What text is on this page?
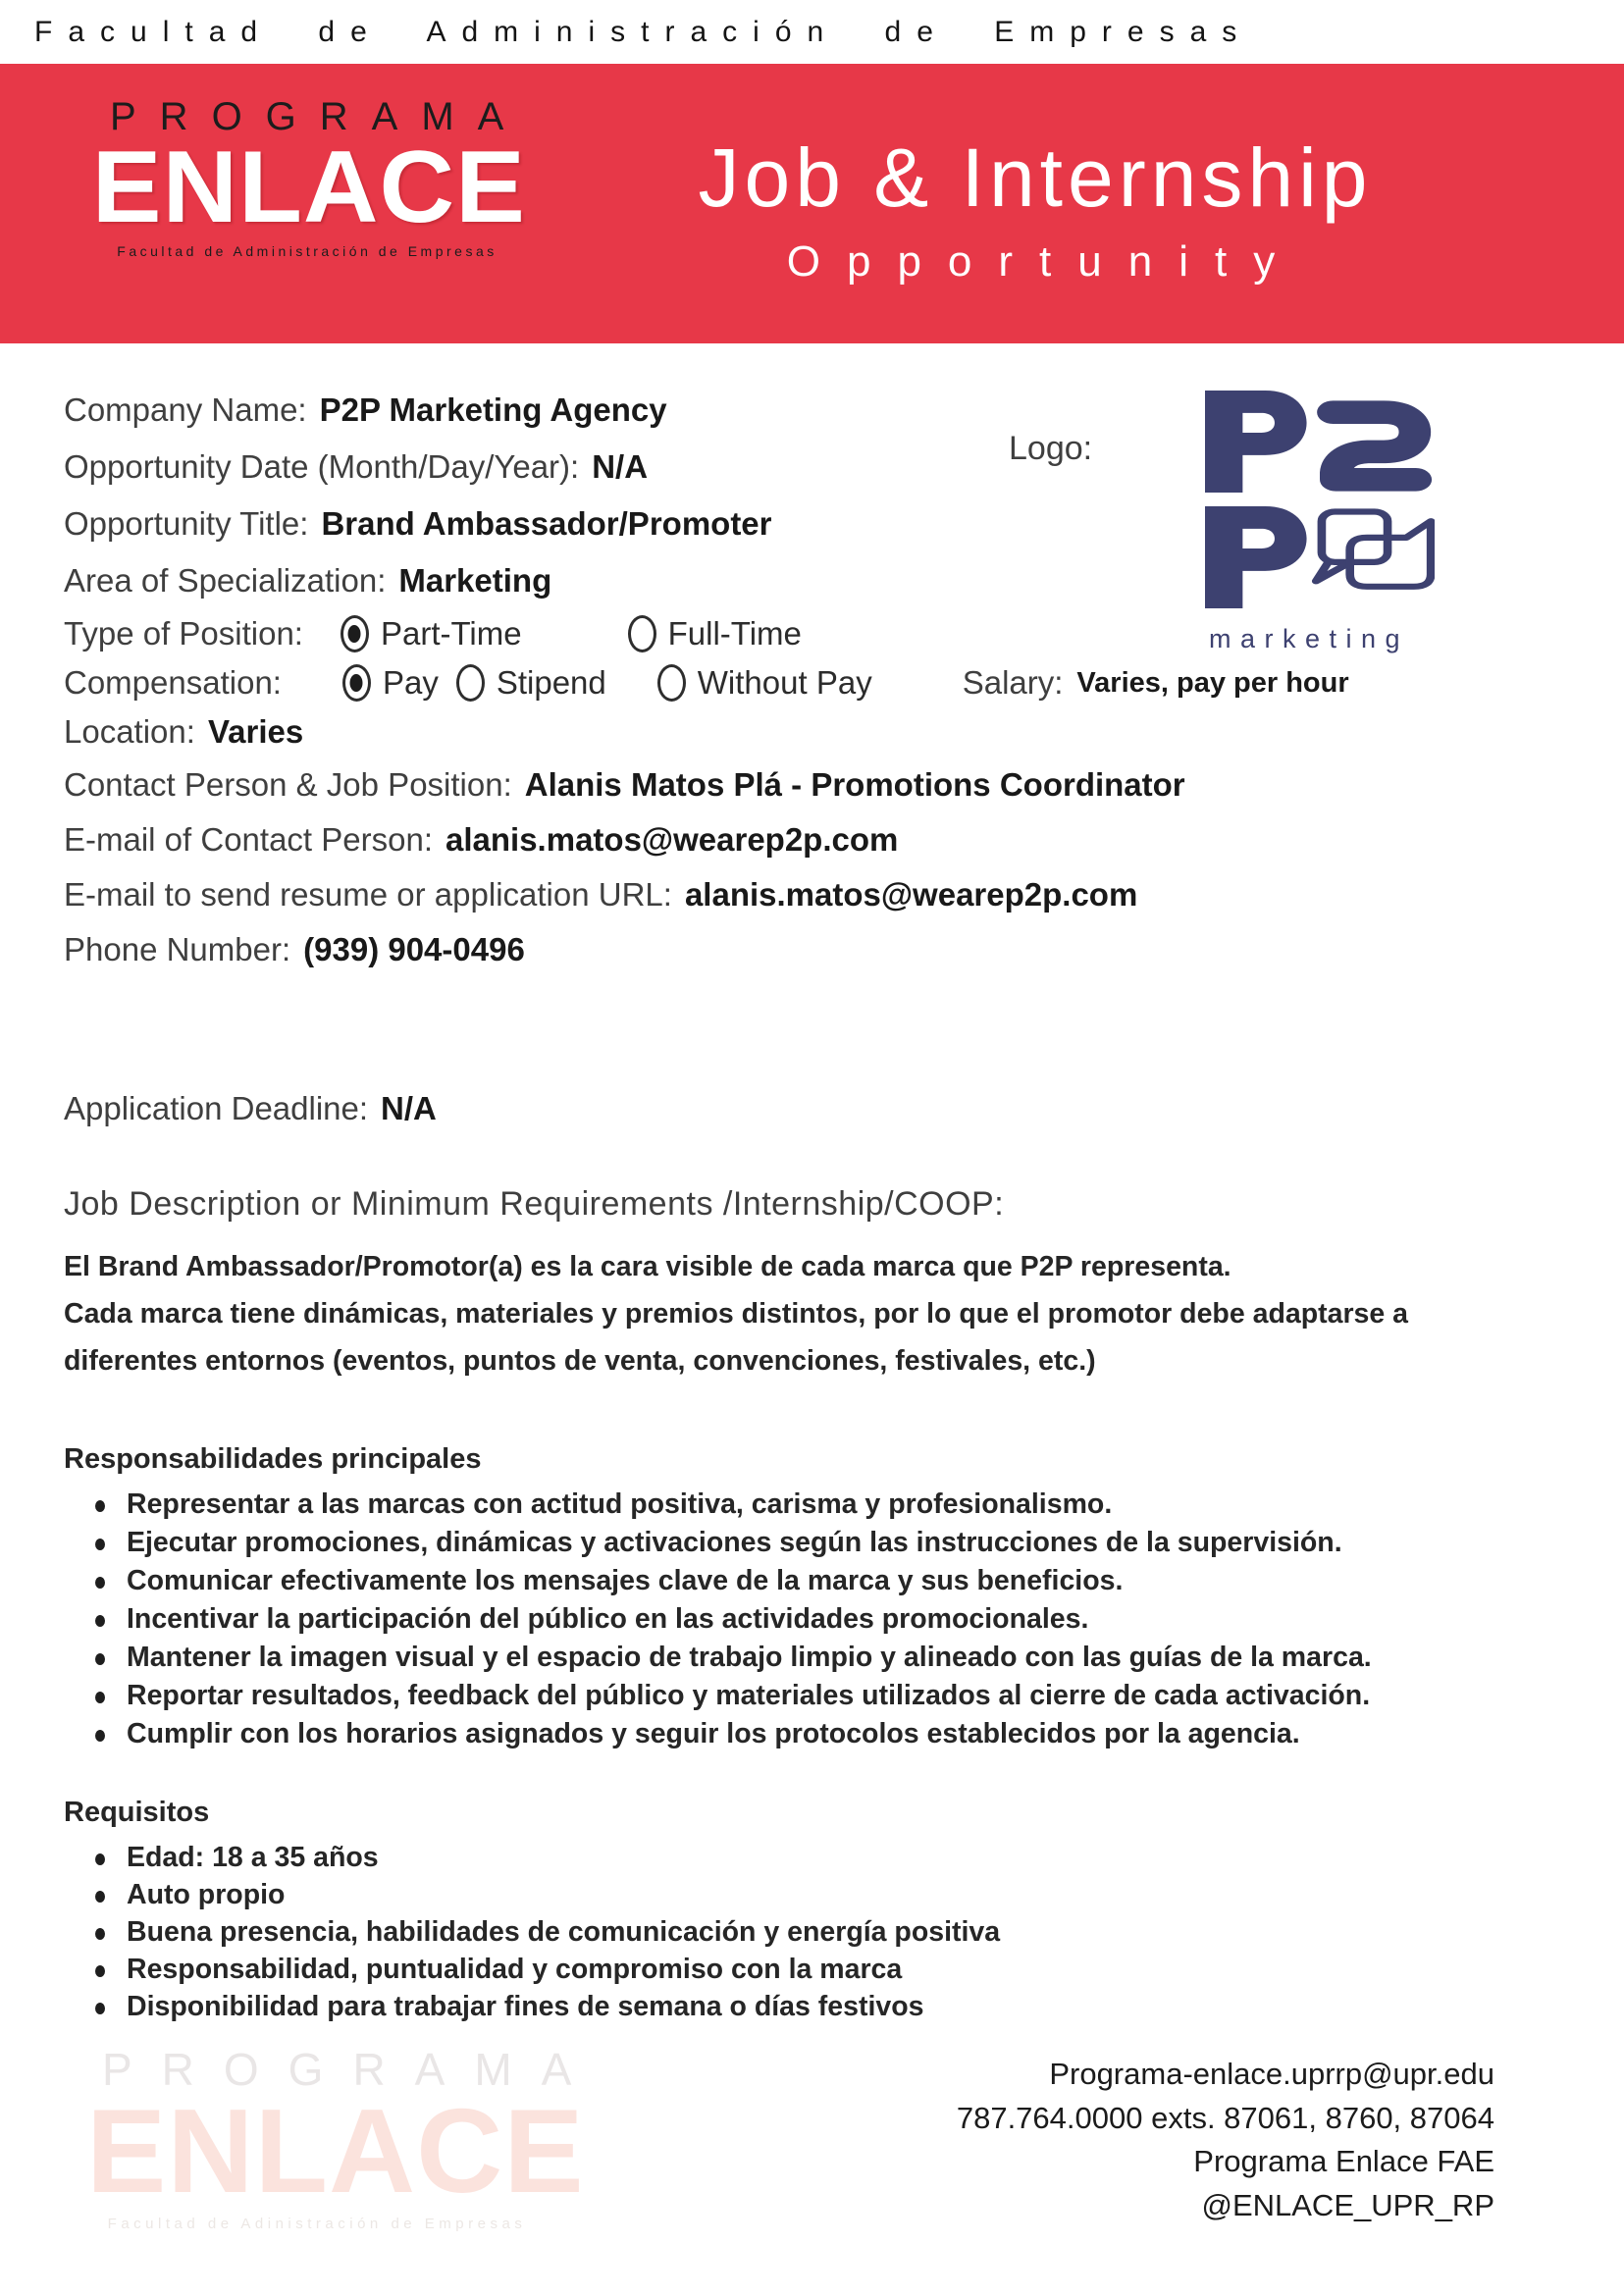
Facultad de Administración de Empresas
PROGRAMA
ENLACE
Facultad de Administración de Empresas
Job & Internship
Opportunity
Logo:
marketing
Company Name: P2P Marketing Agency
Opportunity Date (Month/Day/Year): N/A
Opportunity Title: Brand Ambassador/Promoter
Area of Specialization: Marketing
Type of Position: Part-Time	Full-Time
Compensation:	Pay Stipend	Without Pay	Salary: Varies, pay per hour
Location: Varies
Contact Person & Job Position: Alanis Matos Plá - Promotions Coordinator
E-mail of Contact Person: alanis.matos@wearep2p.com
E-mail to send resume or application URL: alanis.matos@wearep2p.com
Phone Number: (939) 904-0496
Application Deadline: N/A
Job Description or Minimum Requirements /Internship/COOP:
El Brand Ambassador/Promotor(a) es la cara visible de cada marca que P2P representa.
Cada marca tiene dinámicas, materiales y premios distintos, por lo que el promotor debe adaptarse a
diferentes entornos (eventos, puntos de venta, convenciones, festivales, etc.)
Responsabilidades principales
Representar a las marcas con actitud positiva, carisma y profesionalismo.
Ejecutar promociones, dinámicas y activaciones según las instrucciones de la supervisión.
Comunicar efectivamente los mensajes clave de la marca y sus beneficios.
Incentivar la participación del público en las actividades promocionales.
Mantener la imagen visual y el espacio de trabajo limpio y alineado con las guías de la marca.
Reportar resultados, feedback del público y materiales utilizados al cierre de cada activación.
Cumplir con los horarios asignados y seguir los protocolos establecidos por la agencia.
Requisitos
Edad: 18 a 35 años
Auto propio
Buena presencia, habilidades de comunicación y energía positiva
Responsabilidad, puntualidad y compromiso con la marca
Disponibilidad para trabajar fines de semana o días festivos
PROGRAMA
ENLACE
Facultad de Adinistración de Empresas
Programa-enlace.uprrp@upr.edu
787.764.0000 exts. 87061, 8760, 87064
Programa Enlace FAE
@ENLACE_UPR_RP
